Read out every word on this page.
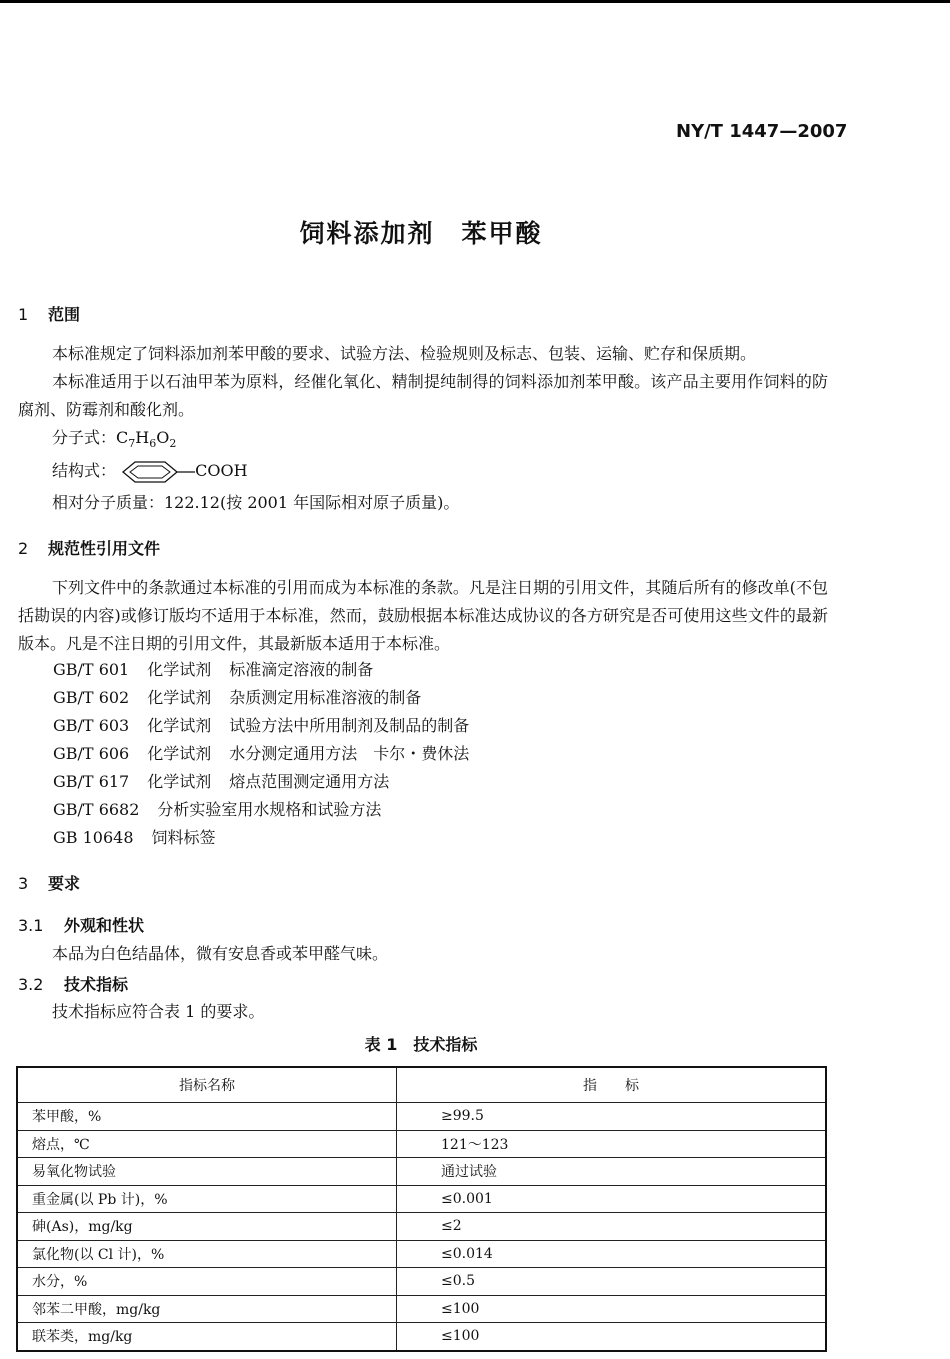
NY/T 1447—2007
饲料添加剂　苯甲酸
1 范围
本标准规定了饲料添加剂苯甲酸的要求、试验方法、检验规则及标志、包装、运输、贮存和保质期。
本标准适用于以石油甲苯为原料，经催化氧化、精制提纯制得的饲料添加剂苯甲酸。该产品主要用作饲料的防腐剂、防霉剂和酸化剂。
分子式：$C_7H_6O_2$
结构式：	COOH
相对分子质量：122.12(按 2001 年国际相对原子质量)。
2 规范性引用文件
下列文件中的条款通过本标准的引用而成为本标准的条款。凡是注日期的引用文件，其随后所有的修改单(不包括勘误的内容)或修订版均不适用于本标准，然而，鼓励根据本标准达成协议的各方研究是否可使用这些文件的最新版本。凡是不注日期的引用文件，其最新版本适用于本标准。
GB/T 601 化学试剂 标准滴定溶液的制备
GB/T 602 化学试剂 杂质测定用标准溶液的制备
GB/T 603 化学试剂 试验方法中所用制剂及制品的制备
GB/T 606 化学试剂 水分测定通用方法　卡尔・费休法
GB/T 617 化学试剂 熔点范围测定通用方法
GB/T 6682 分析实验室用水规格和试验方法
GB 10648 饲料标签
3 要求
3.1 外观和性状
本品为白色结晶体，微有安息香或苯甲醛气味。
3.2 技术指标
技术指标应符合表 1 的要求。
表 1　技术指标
指标名称	指　　标
苯甲酸，%	≥99.5
熔点，℃	121～123
易氧化物试验	通过试验
重金属(以 Pb 计)，%	≤0.001
砷(As)，mg/kg	≤2
氯化物(以 Cl 计)，%	≤0.014
水分，%	≤0.5
邻苯二甲酸，mg/kg	≤100
联苯类，mg/kg	≤100
